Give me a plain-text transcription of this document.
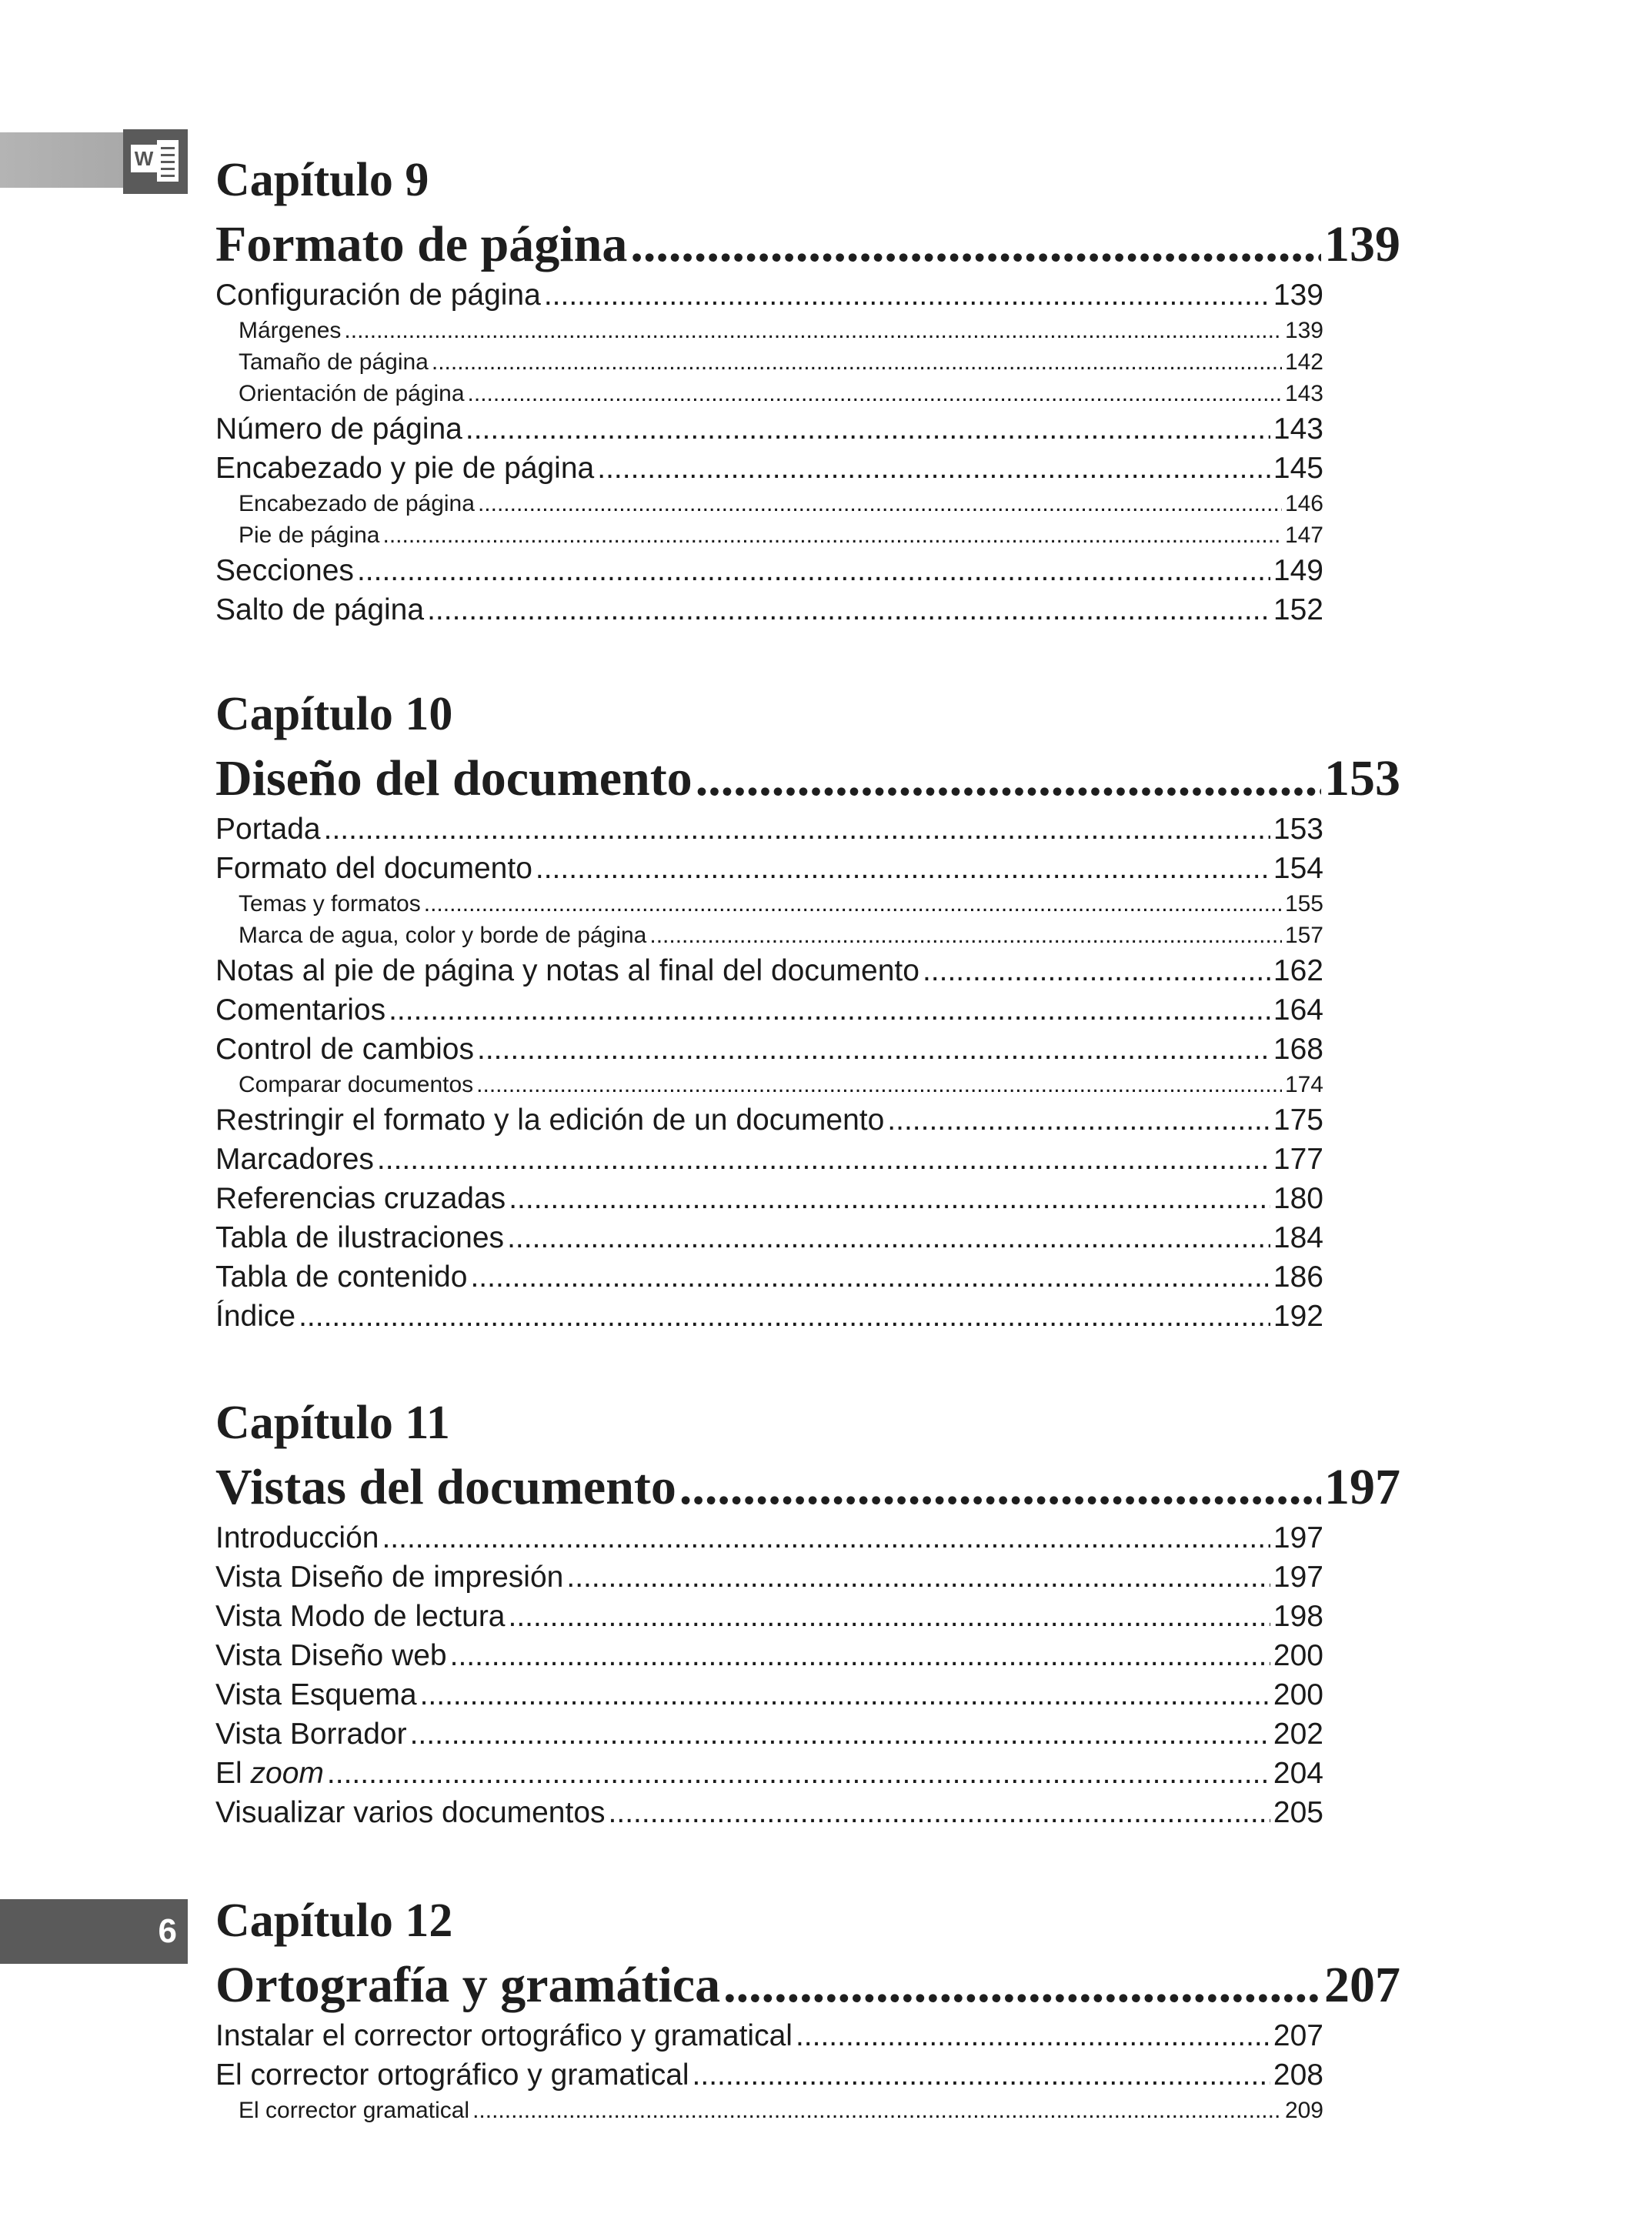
W Capítulo 9
Formato de página .....	139
Configuración de página .....	139
Márgenes .....	139
Tamaño de página .....	142
Orientación de página .....	143
Número de página .....	143
Encabezado y pie de página .....	145
Encabezado de página .....	146
Pie de página .....	147
Secciones .....	149
Salto de página .....	152
Capítulo 10
Diseño del documento .....	153
Portada .....	153
Formato del documento .....	154
Temas y formatos .....	155
Marca de agua, color y borde de página .....	157
Notas al pie de página y notas al final del documento .....	162
Comentarios .....	164
Control de cambios .....	168
Comparar documentos .....	174
Restringir el formato y la edición de un documento .....	175
Marcadores .....	177
Referencias cruzadas .....	180
Tabla de ilustraciones .....	184
Tabla de contenido .....	186
Índice .....	192
Capítulo 11
Vistas del documento .....	197
Introducción .....	197
Vista Diseño de impresión .....	197
Vista Modo de lectura .....	198
Vista Diseño web .....	200
Vista Esquema .....	200
Vista Borrador .....	202
El zoom .....	204
Visualizar varios documentos .....	205
Capítulo 12
Ortografía y gramática .....	207
Instalar el corrector ortográfico y gramatical .....	207
El corrector ortográfico y gramatical .....	208
El corrector gramatical .....	209
6
